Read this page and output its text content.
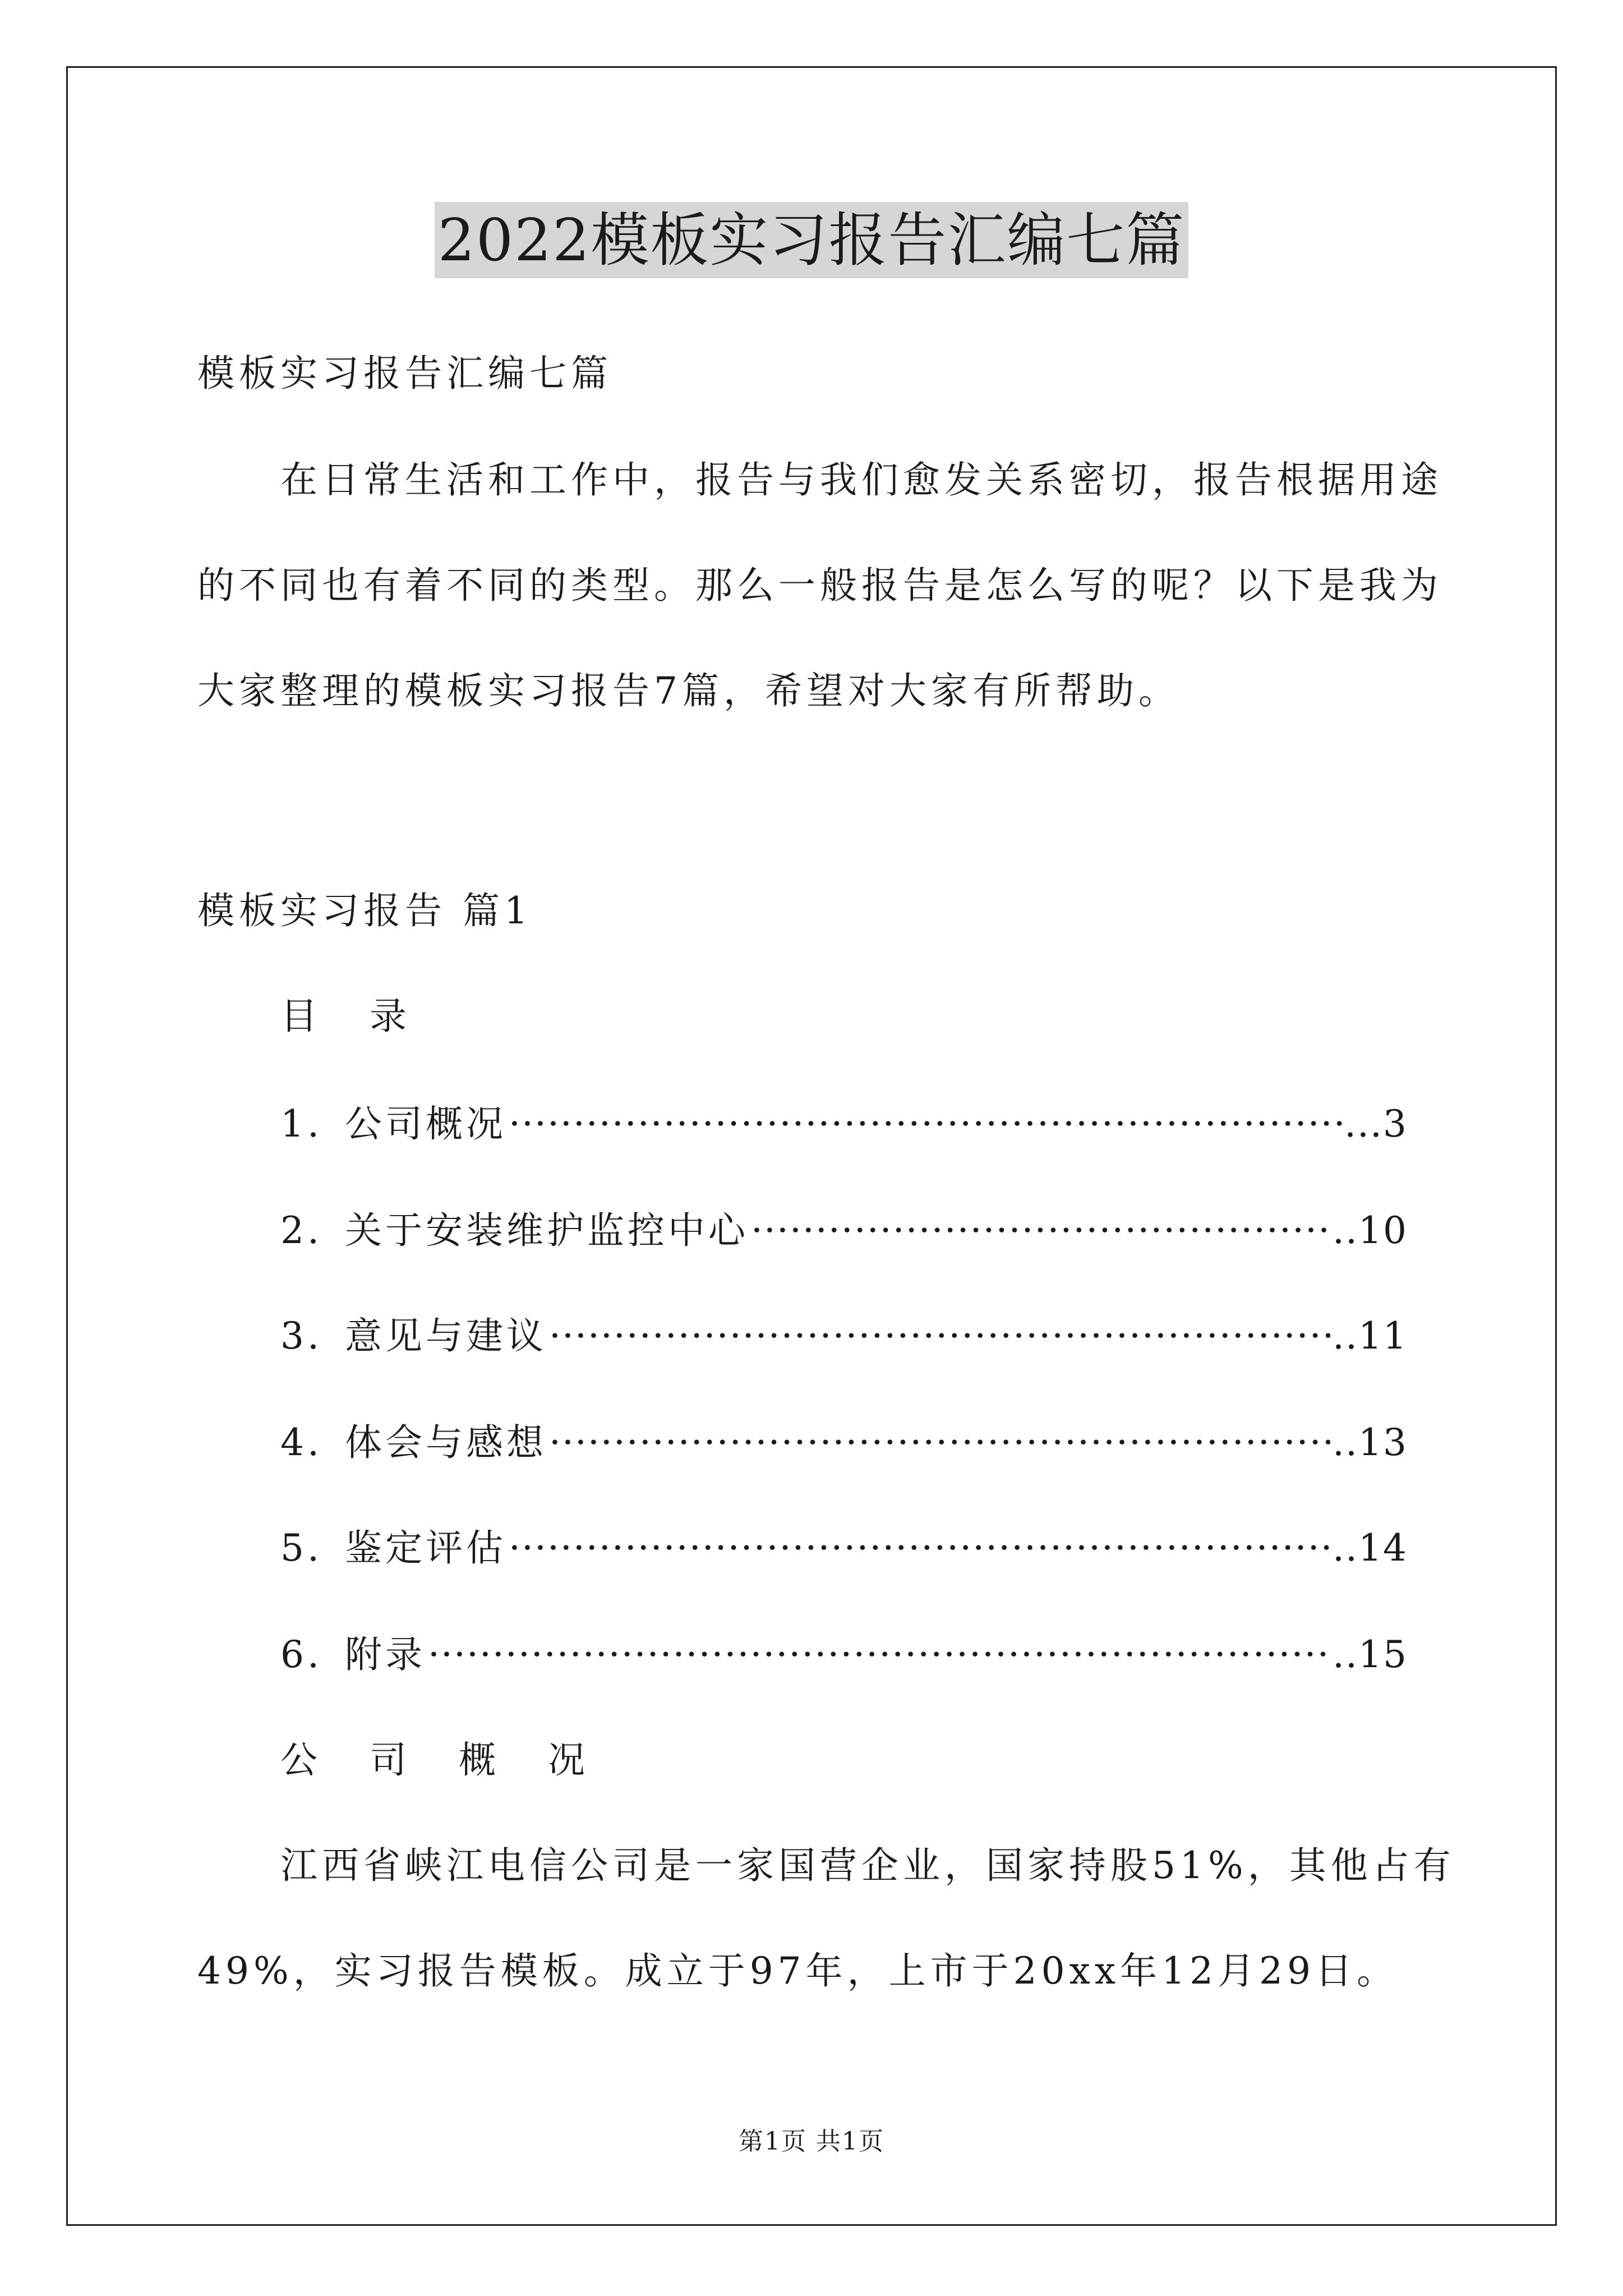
2022模板实习报告汇编七篇
模板实习报告汇编七篇
在日常生活和工作中，报告与我们愈发关系密切，报告根据用途
的不同也有着不同的类型。那么一般报告是怎么写的呢？以下是我为
大家整理的模板实习报告7篇，希望对大家有所帮助。
模板实习报告 篇1
目 录
1. 公司概况 ·····	...3
2. 关于安装维护监控中心 ·····	..10
3. 意见与建议 ·····	..11
4. 体会与感想 ·····	..13
5. 鉴定评估 ·····	..14
6. 附录 ·····	..15
公 司 概 况
江西省峡江电信公司是一家国营企业，国家持股51%，其他占有
49%，实习报告模板。成立于97年，上市于20xx年12月29日。
第1页 共1页
